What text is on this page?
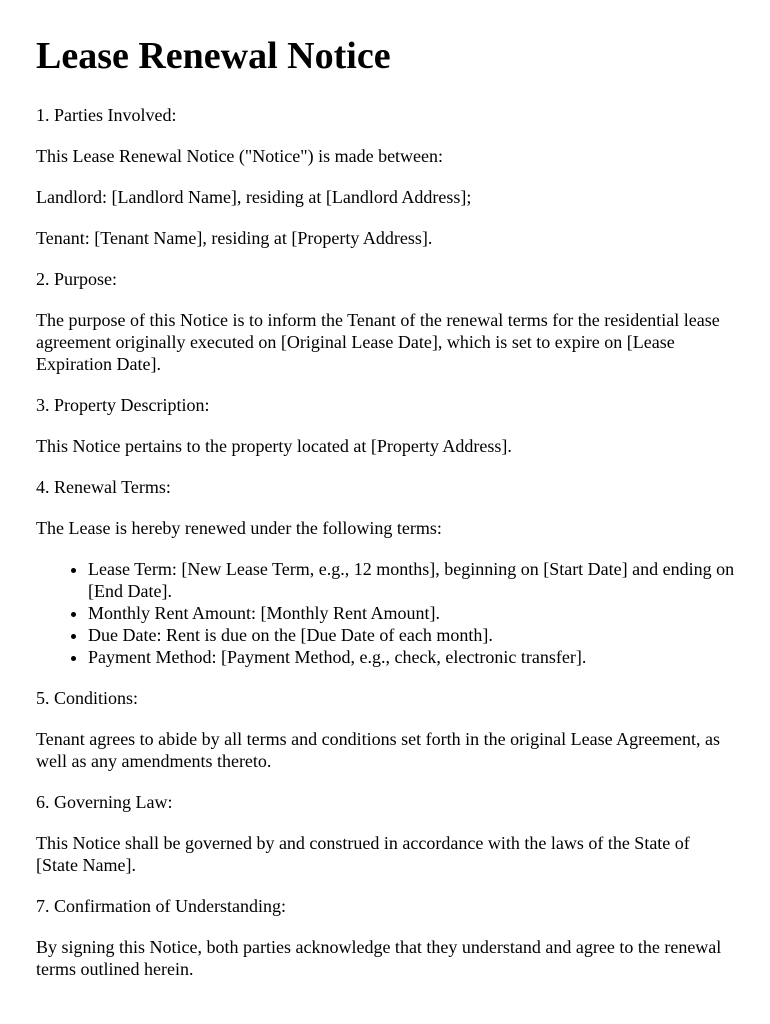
Lease Renewal Notice

1. Parties Involved:

This Lease Renewal Notice ("Notice") is made between:

Landlord: [Landlord Name], residing at [Landlord Address];

Tenant: [Tenant Name], residing at [Property Address].

2. Purpose:

The purpose of this Notice is to inform the Tenant of the renewal terms for the residential lease agreement originally executed on [Original Lease Date], which is set to expire on [Lease Expiration Date].

3. Property Description:

This Notice pertains to the property located at [Property Address].

4. Renewal Terms:

The Lease is hereby renewed under the following terms:

• Lease Term: [New Lease Term, e.g., 12 months], beginning on [Start Date] and ending on [End Date].
• Monthly Rent Amount: [Monthly Rent Amount].
• Due Date: Rent is due on the [Due Date of each month].
• Payment Method: [Payment Method, e.g., check, electronic transfer].

5. Conditions:

Tenant agrees to abide by all terms and conditions set forth in the original Lease Agreement, as well as any amendments thereto.

6. Governing Law:

This Notice shall be governed by and construed in accordance with the laws of the State of [State Name].

7. Confirmation of Understanding:

By signing this Notice, both parties acknowledge that they understand and agree to the renewal terms outlined herein.
